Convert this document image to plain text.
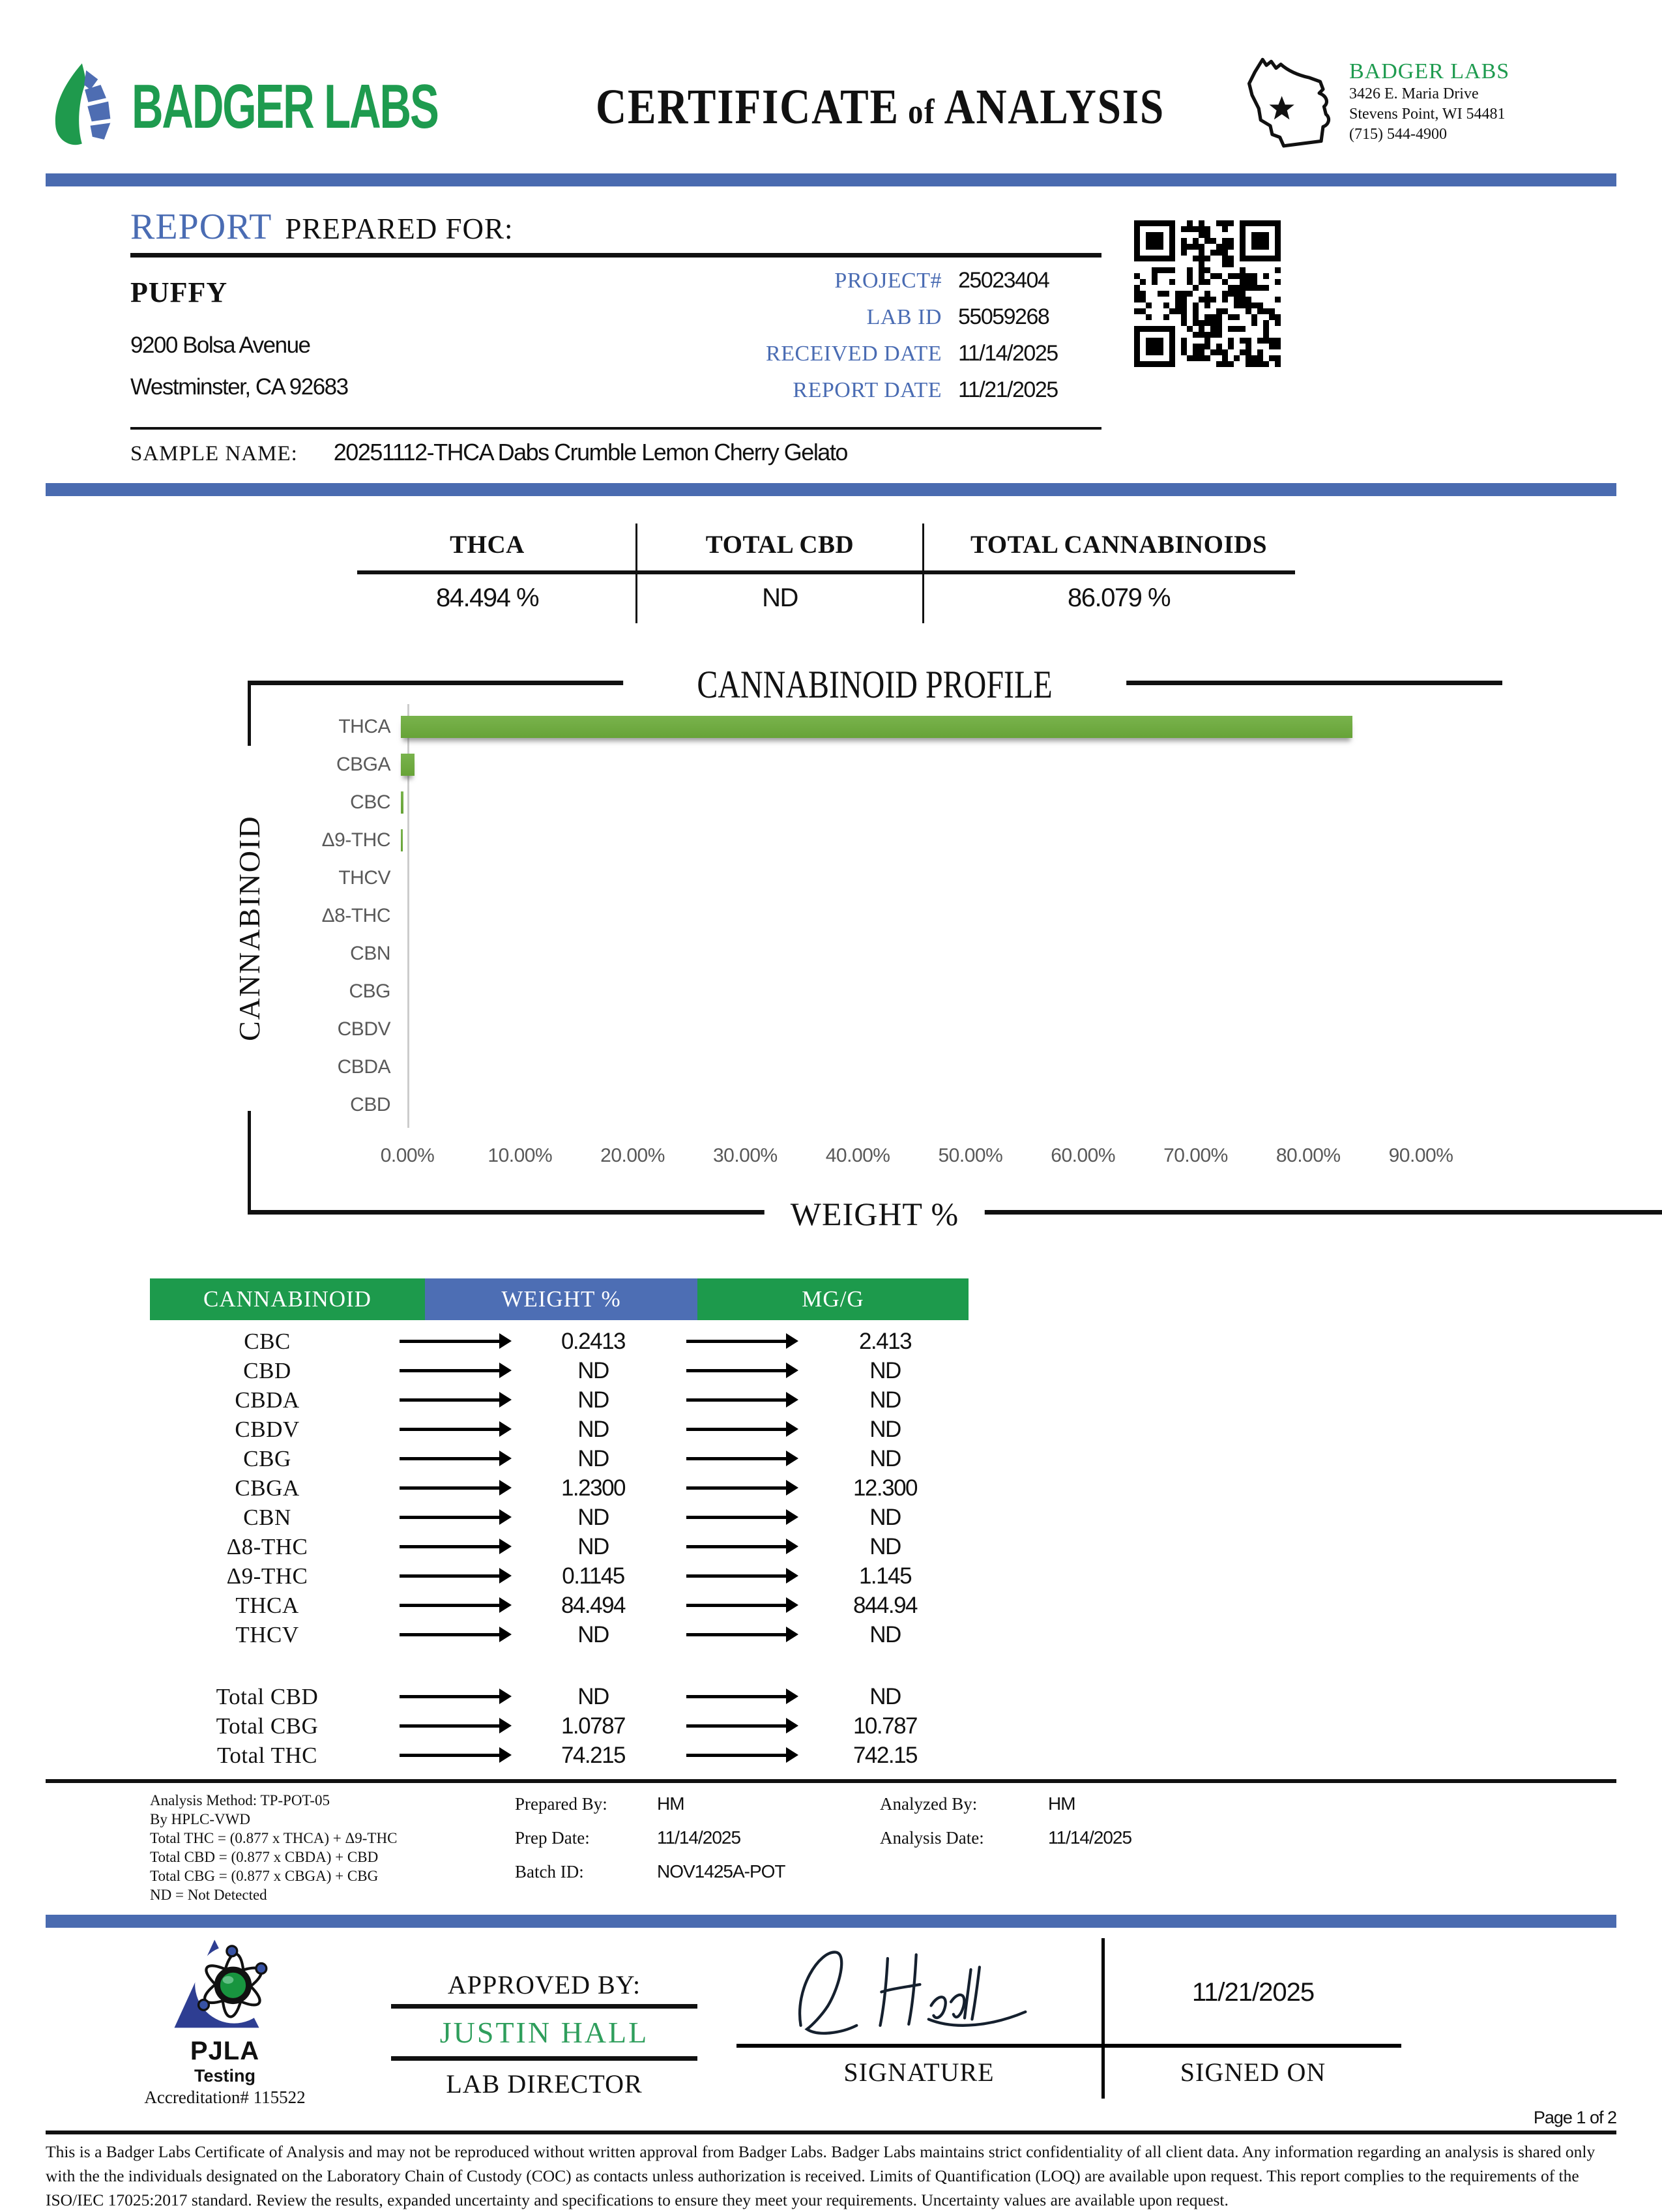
BADGER LABS	CERTIFICATE of ANALYSIS
BADGER LABS
3426 E. Maria Drive
Stevens Point, WI 54481
(715) 544-4900
REPORT PREPARED FOR:
PUFFY
9200 Bolsa Avenue
Westminster, CA 92683
PROJECT# 25023404
LAB ID 55059268
RECEIVED DATE 11/14/2025
REPORT DATE 11/21/2025
SAMPLE NAME: 20251112-THCA Dabs Crumble Lemon Cherry Gelato
THCA
84.494 %
TOTAL CBD
ND
TOTAL CANNABINOIDS
86.079 %
CANNABINOID PROFILE
CANNABINOID
THCA
CBGA
CBC
Δ9-THC
THCV
Δ8-THC
CBN
CBG
CBDV
CBDA
CBD
0.00%	10.00% 20.00% 30.00% 40.00% 50.00% 60.00% 70.00% 80.00% 90.00%
WEIGHT %
CANNABINOID	WEIGHT %	MG/G
CBC	0.2413	2.413
CBD	ND	ND
CBDA	ND	ND
CBDV	ND	ND
CBG	ND	ND
CBGA	1.2300	12.300
CBN	ND	ND
Δ8-THC	ND	ND
Δ9-THC	0.1145	1.145
THCA	84.494	844.94
THCV	ND	ND
Total CBD	ND	ND
Total CBG	1.0787	10.787
Total THC	74.215	742.15
Analysis Method: TP-POT-05
By HPLC-VWD
Total THC = (0.877 x THCA) + Δ9-THC
Total CBD = (0.877 x CBDA) + CBD
Total CBG = (0.877 x CBGA) + CBG
ND = Not Detected
Prepared By:	HM
Prep Date:	11/14/2025
Batch ID:	NOV1425A-POT
Analyzed By:	HM
Analysis Date:	11/14/2025
PJLA
Testing
Accreditation# 115522
APPROVED BY:
JUSTIN HALL
LAB DIRECTOR	SIGNATURE
11/21/2025
SIGNED ON
Page 1 of 2
This is a Badger Labs Certificate of Analysis and may not be reproduced without written approval from Badger Labs. Badger Labs maintains strict confidentiality of all client data. Any information regarding an analysis is shared only with the the individuals designated on the Laboratory Chain of Custody (COC) as contacts unless authorization is received. Limits of Quantification (LOQ) are available upon request. This report complies to the requirements of the ISO/IEC 17025:2017 standard. Review the results, expanded uncertainty and specifications to ensure they meet your requirements. Uncertainty values are available upon request.
